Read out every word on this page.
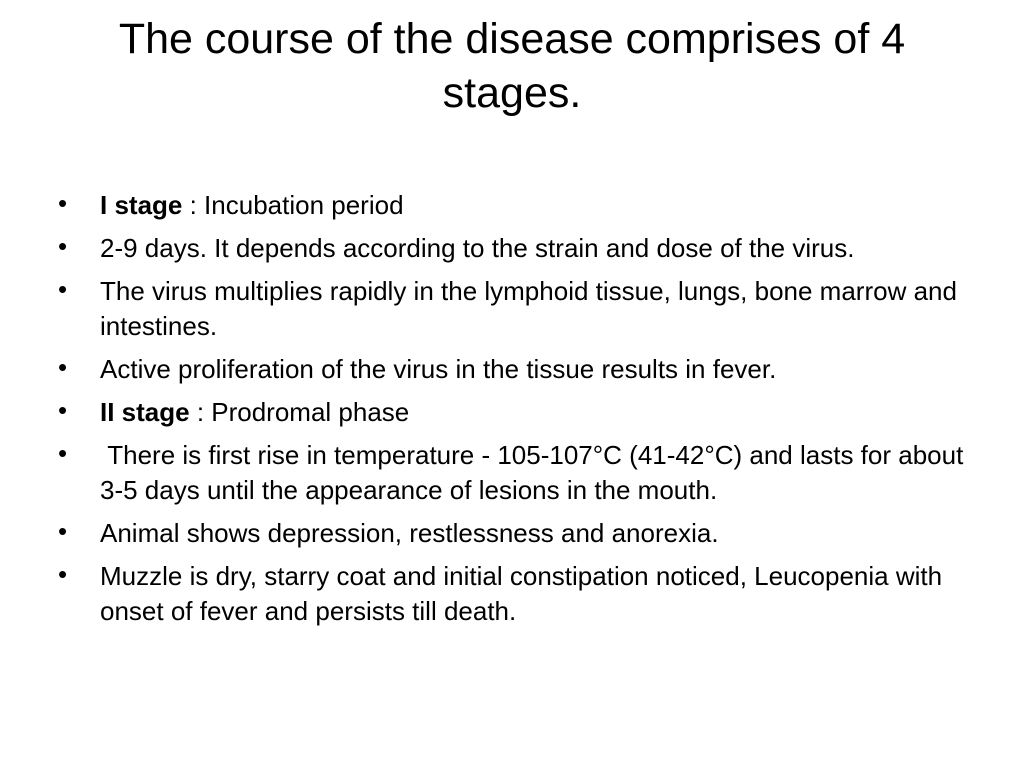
The course of the disease comprises of 4 stages.
• I stage : Incubation period
• 2-9 days. It depends according to the strain and dose of the virus.
• The virus multiplies rapidly in the lymphoid tissue, lungs, bone marrow and intestines.
• Active proliferation of the virus in the tissue results in fever.
• II stage : Prodromal phase
• There is first rise in temperature - 105-107°C (41-42°C) and lasts for about 3-5 days until the appearance of lesions in the mouth.
• Animal shows depression, restlessness and anorexia.
• Muzzle is dry, starry coat and initial constipation noticed, Leucopenia with onset of fever and persists till death.
